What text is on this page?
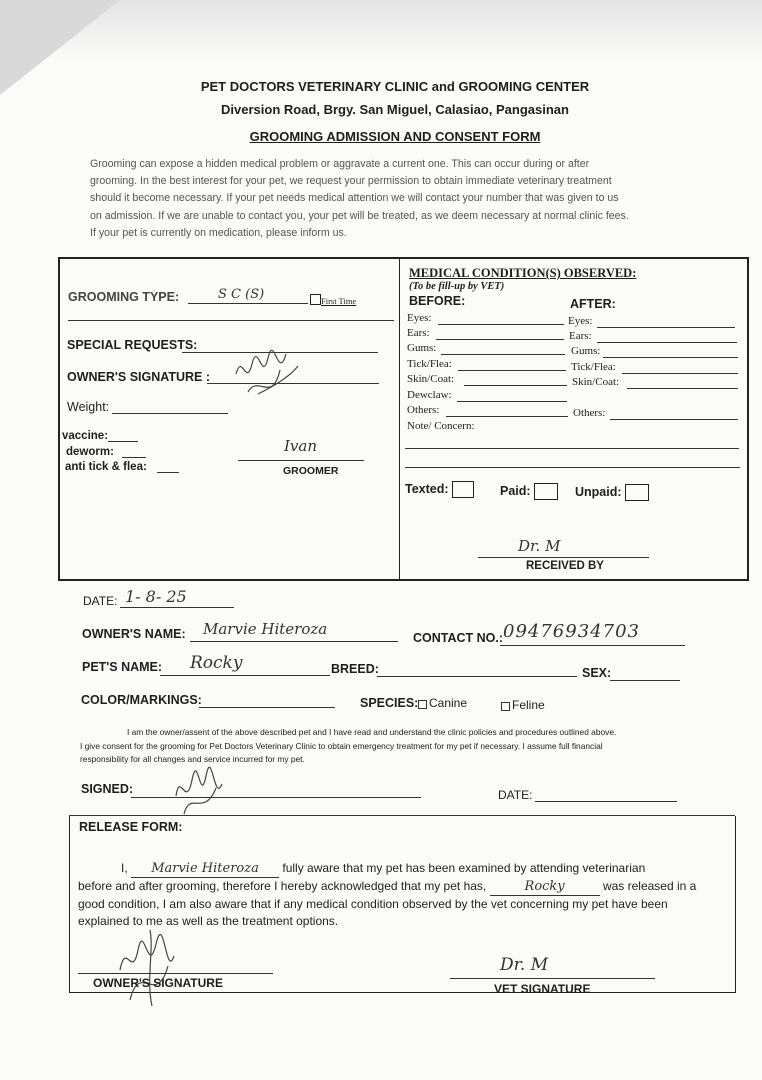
PET DOCTORS VETERINARY CLINIC and GROOMING CENTER
Diversion Road, Brgy. San Miguel, Calasiao, Pangasinan
GROOMING ADMISSION AND CONSENT FORM
Grooming can expose a hidden medical problem or aggravate a current one. This can occur during or after
grooming. In the best interest for your pet, we request your permission to obtain immediate veterinary treatment
should it become necessary. If your pet needs medical attention we will contact your number that was given to us
on admission. If we are unable to contact you, your pet will be treated, as we deem necessary at normal clinic fees.
If your pet is currently on medication, please inform us.
GROOMING TYPE:	S C (S)	First Time
SPECIAL REQUESTS:
OWNER'S SIGNATURE :
Weight:
vaccine:
deworm:
anti tick & flea:
Ivan
GROOMER
MEDICAL CONDITION(S) OBSERVED:
(To be fill-up by VET)
BEFORE:	AFTER:
Eyes:
Ears:
Gums:
Tick/Flea:
Skin/Coat:
Dewclaw:
Others:
Note/ Concern:
Eyes:
Ears:
Gums:
Tick/Flea:
Skin/Coat:
Others:
Texted:	Paid:	Unpaid:
Dr. M
RECEIVED BY
DATE: 1- 8- 25
OWNER'S NAME: Marvie Hiteroza	CONTACT NO.: 09476934703
PET'S NAME: Rocky	BREED:	SEX:
COLOR/MARKINGS:	SPECIES: Canine	Feline
I am the owner/assent of the above described pet and I have read and understand the clinic policies and procedures outlined above.
I give consent for the grooming for Pet Doctors Veterinary Clinic to obtain emergency treatment for my pet if necessary. I assume full financial
responsibility for all changes and service incurred for my pet.
SIGNED:	DATE:
RELEASE FORM:
I, Marvie Hiteroza fully aware that my pet has been examined by attending veterinarian
before and after grooming, therefore I hereby acknowledged that my pet has,	Rocky	was released in a
good condition, I am also aware that if any medical condition observed by the vet concerning my pet have been
explained to me as well as the treatment options.
OWNER'S SIGNATURE
Dr. M
VET SIGNATURE
